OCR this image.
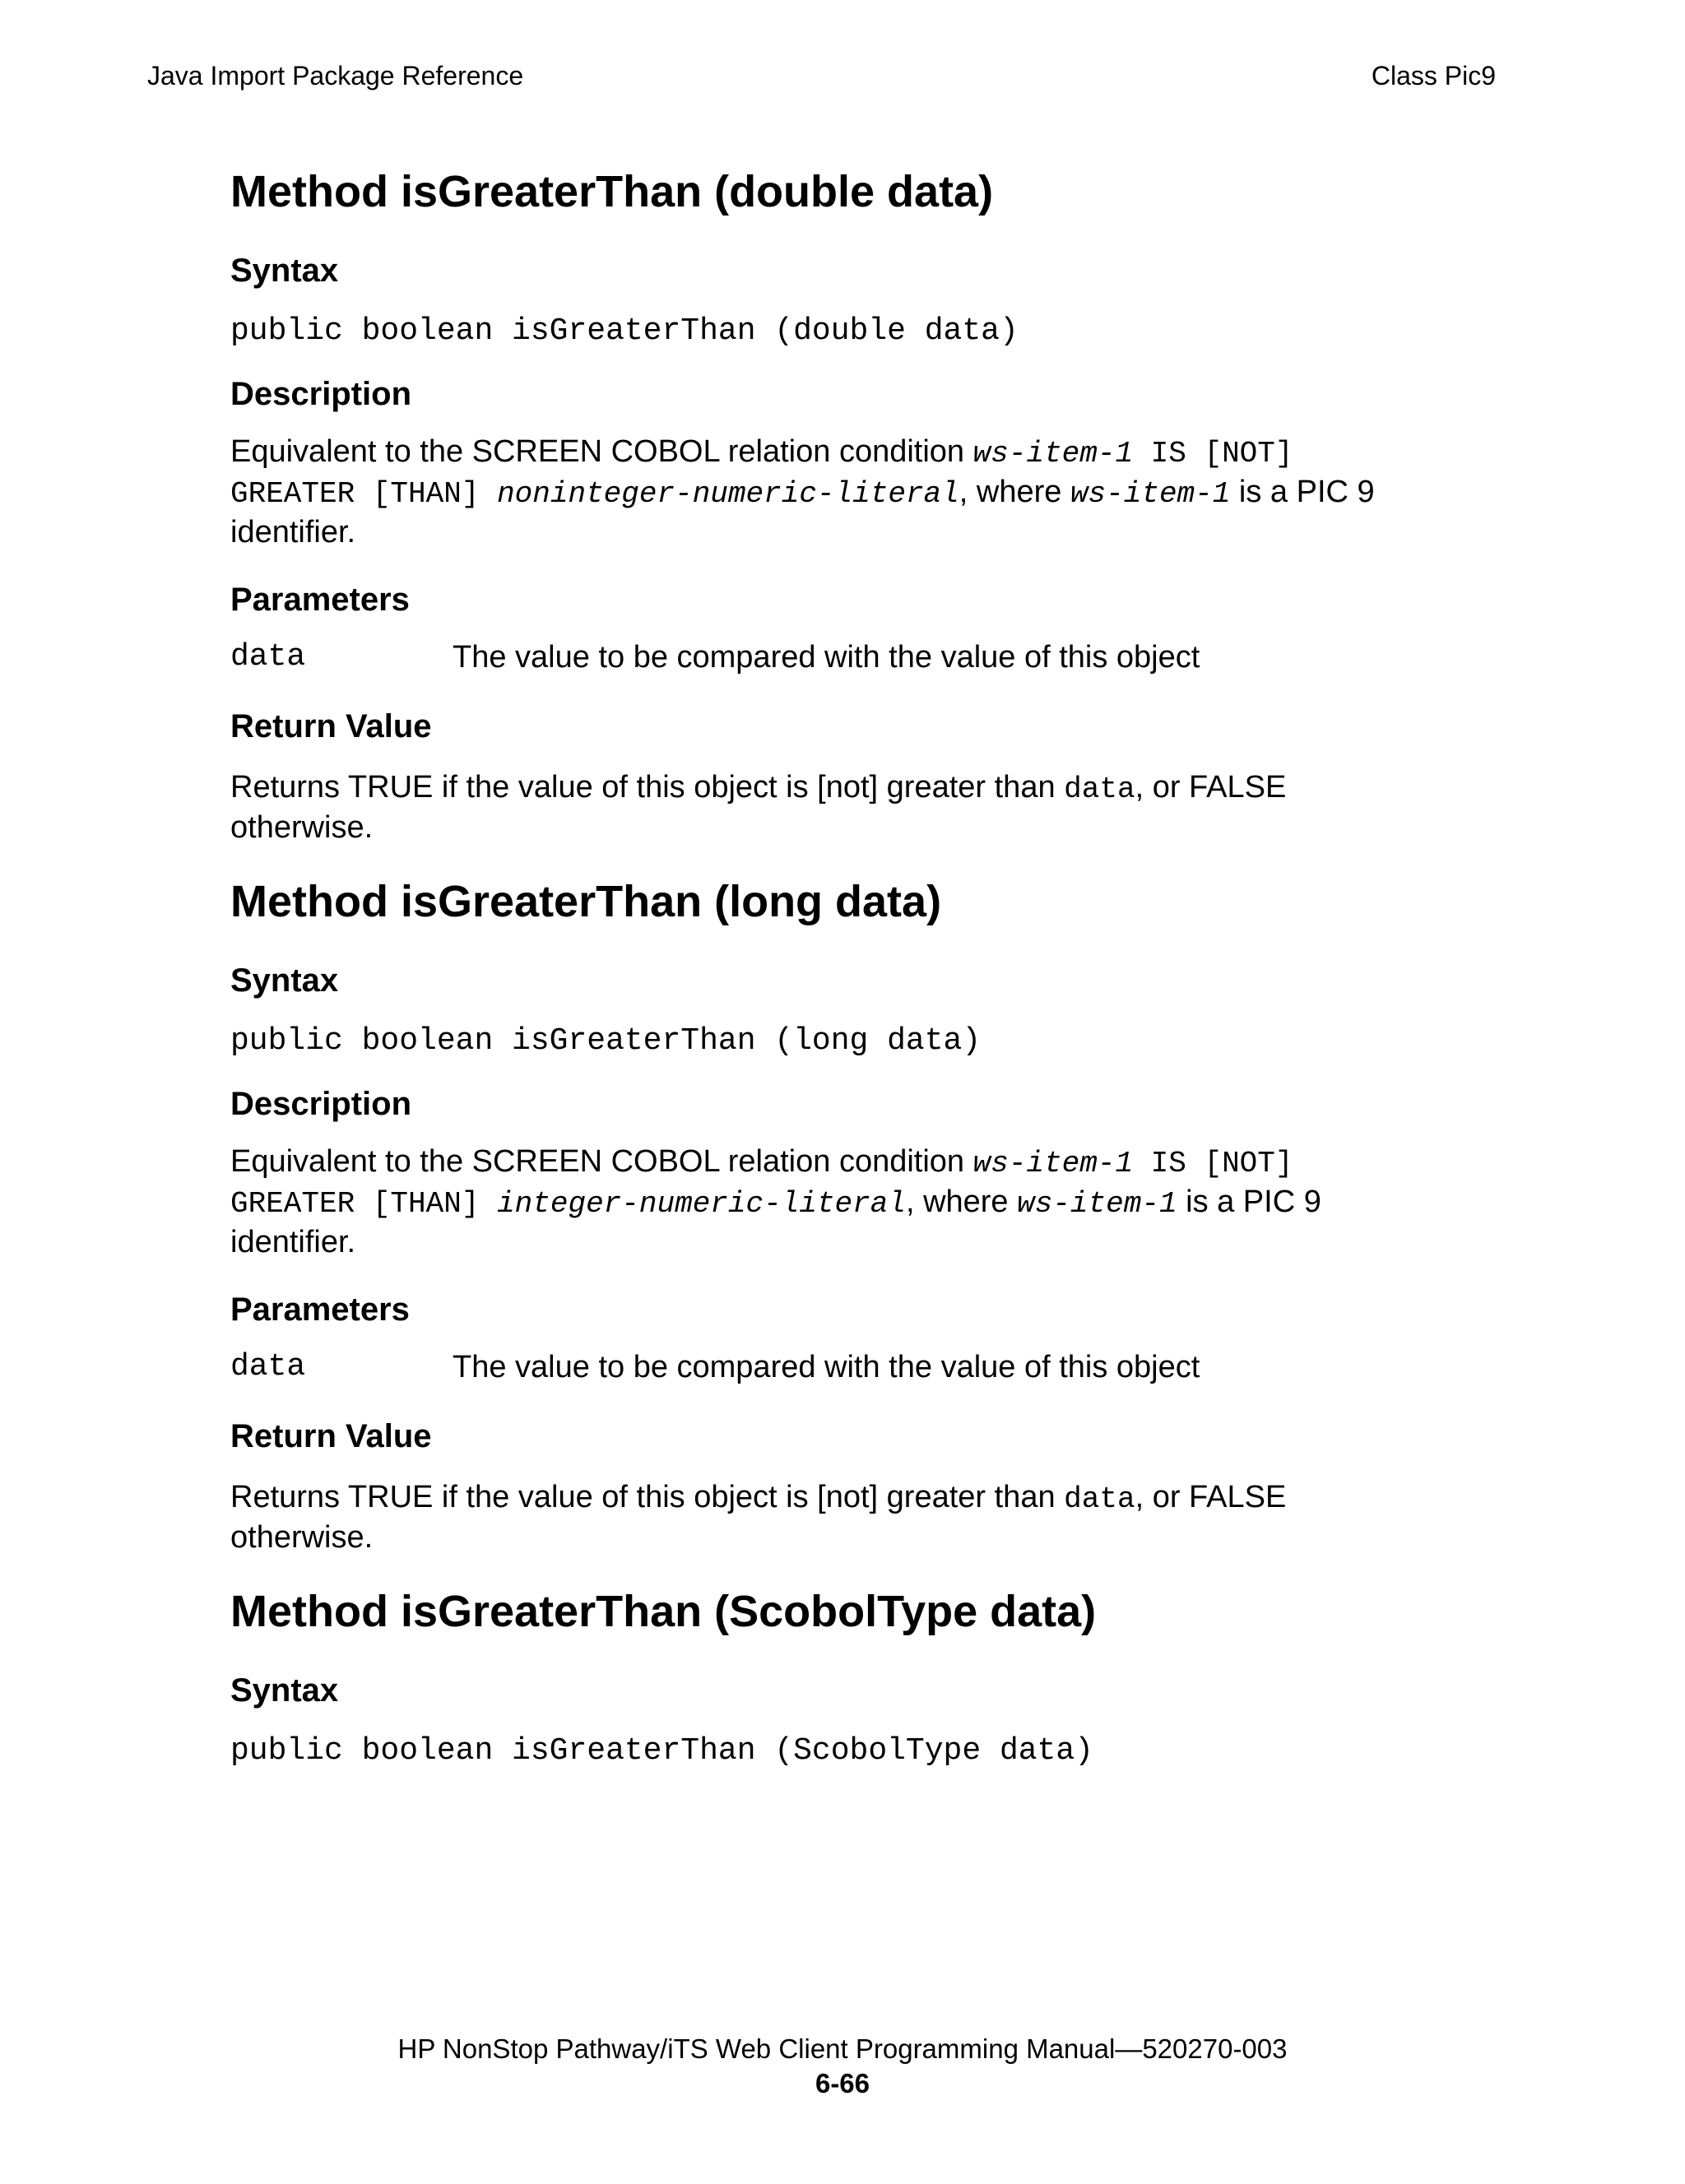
Java Import Package Reference	Class Pic9
Method isGreaterThan (double data)
Syntax
public boolean isGreaterThan (double data)
Description
Equivalent to the SCREEN COBOL relation condition ws-item-1 IS [NOT]
GREATER [THAN] noninteger-numeric-literal, where ws-item-1 is a PIC 9
identifier.
Parameters
data	The value to be compared with the value of this object
Return Value
Returns TRUE if the value of this object is [not] greater than data, or FALSE
otherwise.
Method isGreaterThan (long data)
Syntax
public boolean isGreaterThan (long data)
Description
Equivalent to the SCREEN COBOL relation condition ws-item-1 IS [NOT]
GREATER [THAN] integer-numeric-literal, where ws-item-1 is a PIC 9
identifier.
Parameters
data	The value to be compared with the value of this object
Return Value
Returns TRUE if the value of this object is [not] greater than data, or FALSE
otherwise.
Method isGreaterThan (ScobolType data)
Syntax
public boolean isGreaterThan (ScobolType data)
HP NonStop Pathway/iTS Web Client Programming Manual—520270-003
6-66
